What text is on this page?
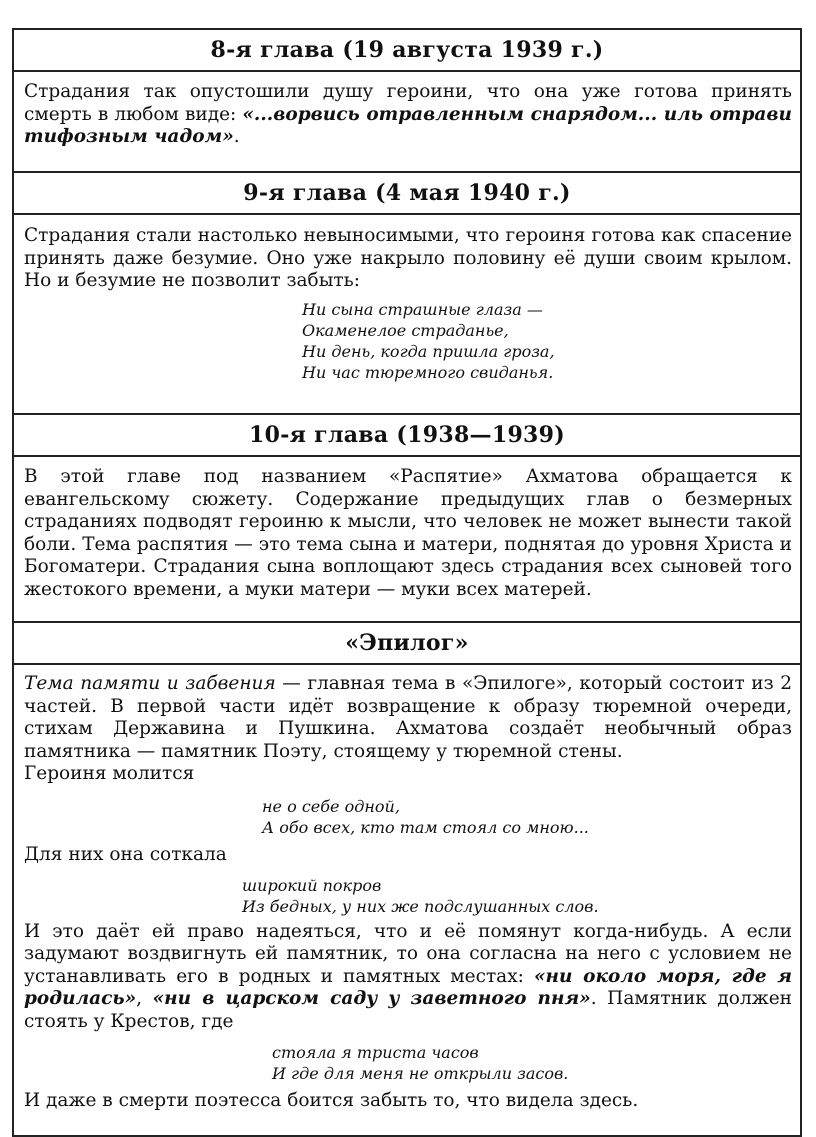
8-я глава (19 августа 1939 г.)
Страдания так опустошили душу героини, что она уже готова принять смерть в любом виде: «...ворвись отравленным снарядом... иль отрави тифозным чадом».
9-я глава (4 мая 1940 г.)

Страдания стали настолько невыносимыми, что героиня готова как спасение принять даже безумие. Оно уже накрыло половину её души своим крылом. Но и безумие не позволит забыть:

Ни сына страшные глаза —
Окаменелое страданье,
Ни день, когда пришла гроза,
Ни час тюремного свиданья.
10-я глава (1938—1939)

В этой главе под названием «Распятие» Ахматова обращается к евангельскому сюжету. Содержание предыдущих глав о безмерных страданиях подводят героиню к мысли, что человек не может вынести такой боли. Тема распятия — это тема сына и матери, поднятая до уровня Христа и Богоматери. Страдания сына воплощают здесь страдания всех сыновей того жестокого времени, а муки матери — муки всех матерей.

«Эпилог»

Тема памяти и забвения — главная тема в «Эпилоге», который состоит из 2 частей. В первой части идёт возвращение к образу тюремной очереди, стихам Державина и Пушкина. Ахматова создаёт необычный образ памятника — памятник Поэту, стоящему у тюремной стены.

Героиня молится

не о себе одной,
А обо всех, кто там стоял со мною...

Для них она соткала

широкий покров
Из бедных, у них же подслушанных слов.

И это даёт ей право надеяться, что и её помянут когда-нибудь. А если задумают воздвигнуть ей памятник, то она согласна на него с условием не устанавливать его в родных и памятных местах: «ни около моря, где я родилась», «ни в царском саду у заветного пня». Памятник должен стоять у Крестов, где

стояла я триста часов
И где для меня не открыли засов.

И даже в смерти поэтесса боится забыть то, что видела здесь.
